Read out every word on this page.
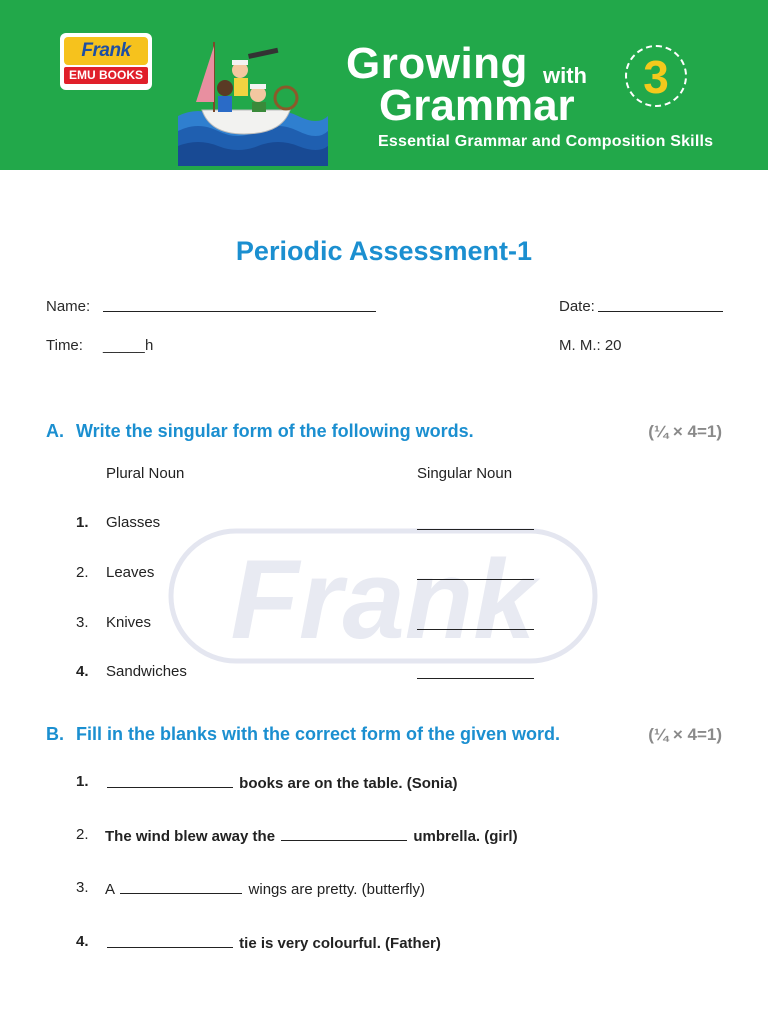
Frank
EMU BOOKS	Growing with
Grammar
Essential Grammar and Composition Skills
3
Frank
Periodic Assessment-1
Name:	Date:
Time: _____ h	M. M.: 20
A. Write the singular form of the following words.	(¼ × 4=1)
Plural Noun	Singular Noun
1. Glasses
2. Leaves
3. Knives
4. Sandwiches
B. Fill in the blanks with the correct form of the given word.	(¼ × 4=1)
1.	books are on the table. (Sonia)
2. The wind blew away the	umbrella. (girl)
3. A	wings are pretty. (butterfly)
4.	tie is very colourful. (Father)
